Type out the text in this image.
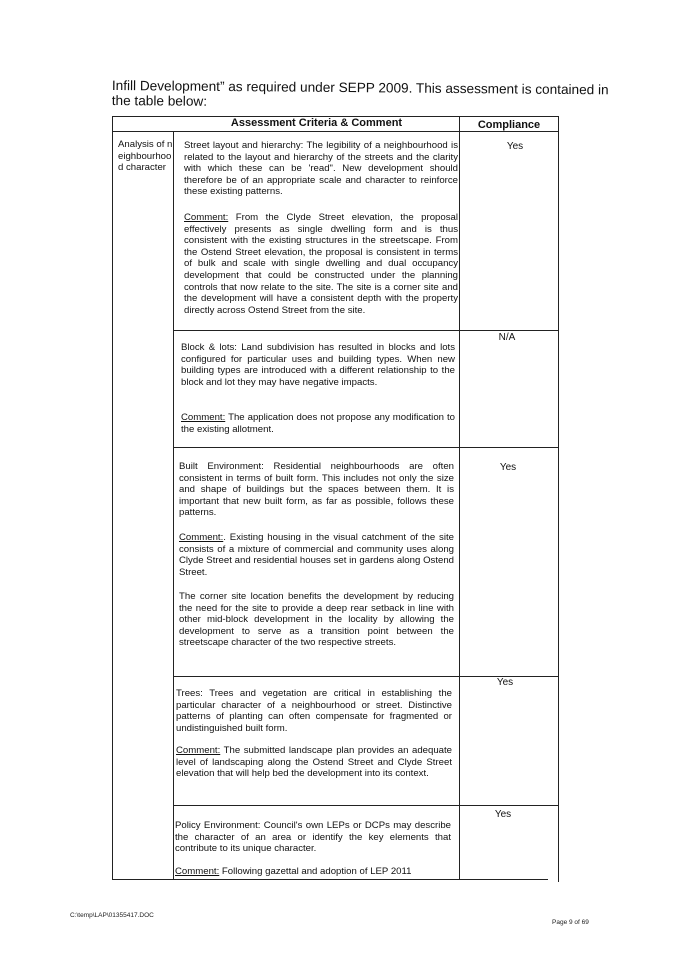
Infill Development” as required under SEPP 2009. This assessment is contained in the table below:
Assessment Criteria & Comment	Compliance
Analysis of neighbourhood character

Street layout and hierarchy: The legibility of a neighbourhood is related to the layout and hierarchy of the streets and the clarity with which these can be 'read". New development should therefore be of an appropriate scale and character to reinforce these existing patterns.

Comment: From the Clyde Street elevation, the proposal effectively presents as single dwelling form and is thus consistent with the existing structures in the streetscape. From the Ostend Street elevation, the proposal is consistent in terms of bulk and scale with single dwelling and dual occupancy development that could be constructed under the planning controls that now relate to the site. The site is a corner site and the development will have a consistent depth with the property directly across Ostend Street from the site.

Yes

Block & lots: Land subdivision has resulted in blocks and lots configured for particular uses and building types. When new building types are introduced with a different relationship to the block and lot they may have negative impacts.

Comment: The application does not propose any modification to the existing allotment.

N/A

Built Environment: Residential neighbourhoods are often consistent in terms of built form. This includes not only the size and shape of buildings but the spaces between them. It is important that new built form, as far as possible, follows these patterns.

Comment:. Existing housing in the visual catchment of the site consists of a mixture of commercial and community uses along Clyde Street and residential houses set in gardens along Ostend Street.

The corner site location benefits the development by reducing the need for the site to provide a deep rear setback in line with other mid-block development in the locality by allowing the development to serve as a transition point between the streetscape character of the two respective streets.

Yes

Trees: Trees and vegetation are critical in establishing the particular character of a neighbourhood or street. Distinctive patterns of planting can often compensate for fragmented or undistinguished built form.

Comment: The submitted landscape plan provides an adequate level of landscaping along the Ostend Street and Clyde Street elevation that will help bed the development into its context.

Yes

Policy Environment: Council's own LEPs or DCPs may describe the character of an area or identify the key elements that contribute to its unique character.

Comment: Following gazettal and adoption of LEP 2011

Yes
C:\temp\LAP\01355417.DOC
Page 9 of 69
